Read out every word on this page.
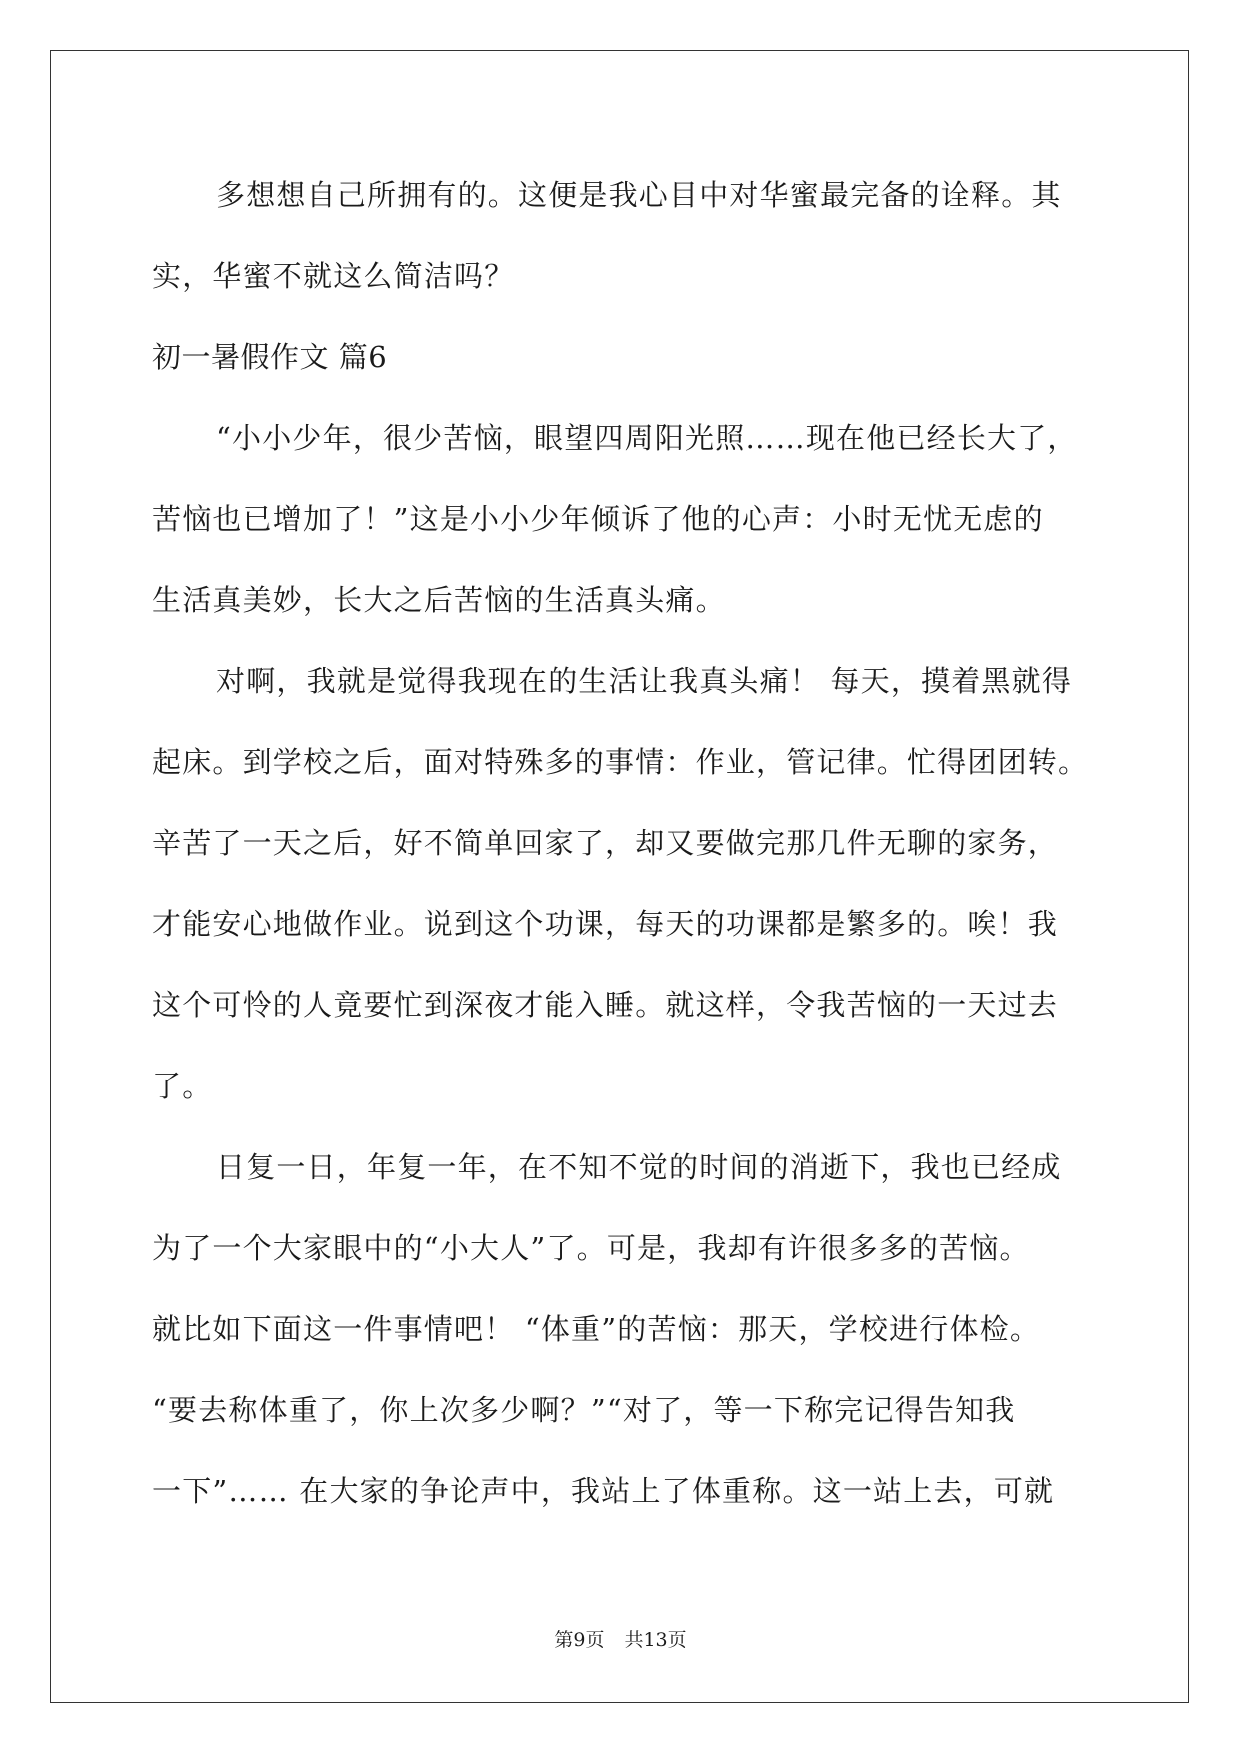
多想想自己所拥有的。这便是我心目中对华蜜最完备的诠释。其
实，华蜜不就这么简洁吗？
初一暑假作文 篇6
“小小少年，很少苦恼，眼望四周阳光照……现在他已经长大了，
苦恼也已增加了！”这是小小少年倾诉了他的心声：小时无忧无虑的
生活真美妙，长大之后苦恼的生活真头痛。
对啊，我就是觉得我现在的生活让我真头痛！ 每天，摸着黑就得
起床。到学校之后，面对特殊多的事情：作业，管记律。忙得团团转。
辛苦了一天之后，好不简单回家了，却又要做完那几件无聊的家务，
才能安心地做作业。说到这个功课，每天的功课都是繁多的。唉！我
这个可怜的人竟要忙到深夜才能入睡。就这样，令我苦恼的一天过去
了。
日复一日，年复一年，在不知不觉的时间的消逝下，我也已经成
为了一个大家眼中的“小大人”了。可是，我却有许很多多的苦恼。
就比如下面这一件事情吧！ “体重”的苦恼：那天，学校进行体检。
“要去称体重了，你上次多少啊？”“对了，等一下称完记得告知我
一下”…… 在大家的争论声中，我站上了体重称。这一站上去，可就
第9页 共13页
